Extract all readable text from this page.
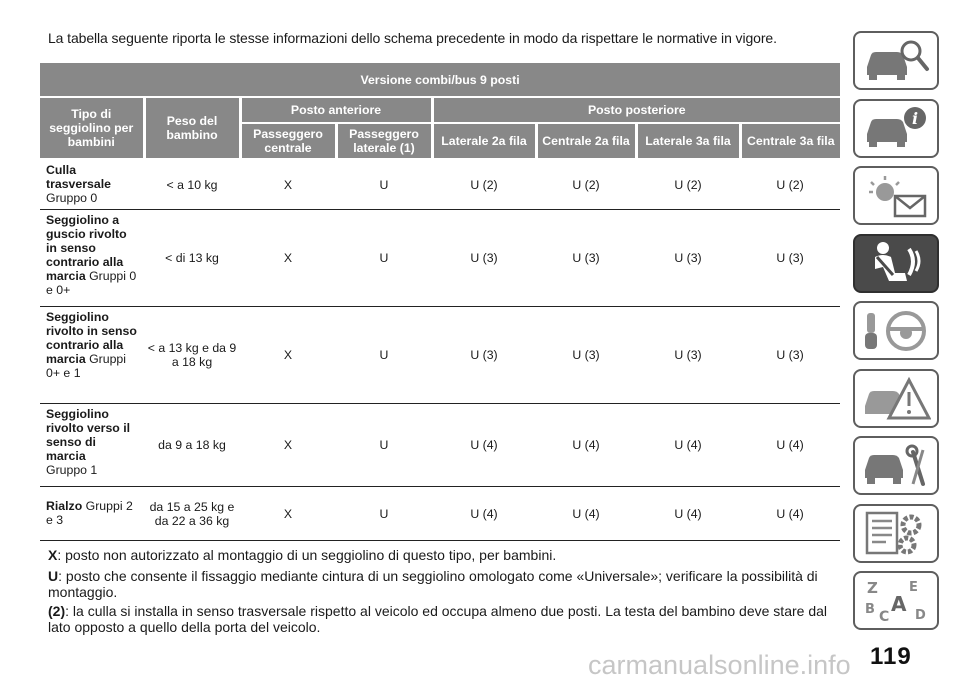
La tabella seguente riporta le stesse informazioni dello schema precedente in modo da rispettare le normative in vigore.
Versione combi/bus 9 posti							
Tipo di seggiolino per bambini	Peso del bambino	Posto anteriore		Posto posteriore			
		Passeggero centrale	Passeggero laterale (1)	Laterale 2a fila	Centrale 2a fila	Laterale 3a fila	Centrale 3a fila
Culla trasversale
Gruppo 0	< a 10 kg	X	U	U (2)	U (2)	U (2)	U (2)
Seggiolino a guscio rivolto in senso contrario alla marcia Gruppi 0 e 0+	< di 13 kg	X	U	U (3)	U (3)	U (3)	U (3)
Seggiolino rivolto in senso contrario alla marcia Gruppi 0+ e 1	< a 13 kg e da 9 a 18 kg	X	U	U (3)	U (3)	U (3)	U (3)
Seggiolino rivolto verso il senso di marcia
Gruppo 1	da 9 a 18 kg	X	U	U (4)	U (4)	U (4)	U (4)
Rialzo Gruppi 2 e 3	da 15 a 25 kg e da 22 a 36 kg	X	U	U (4)	U (4)	U (4)	U (4)

X: posto non autorizzato al montaggio di un seggiolino di questo tipo, per bambini.

U: posto che consente il fissaggio mediante cintura di un seggiolino omologato come «Universale»; verificare la possibilità di montaggio.

(2): la culla si installa in senso trasversale rispetto al veicolo ed occupa almeno due posti. La testa del bambino deve stare dal lato opposto a quello della porta del veicolo.

i
Z E
B A
C D
carmanualsonline.info 119
